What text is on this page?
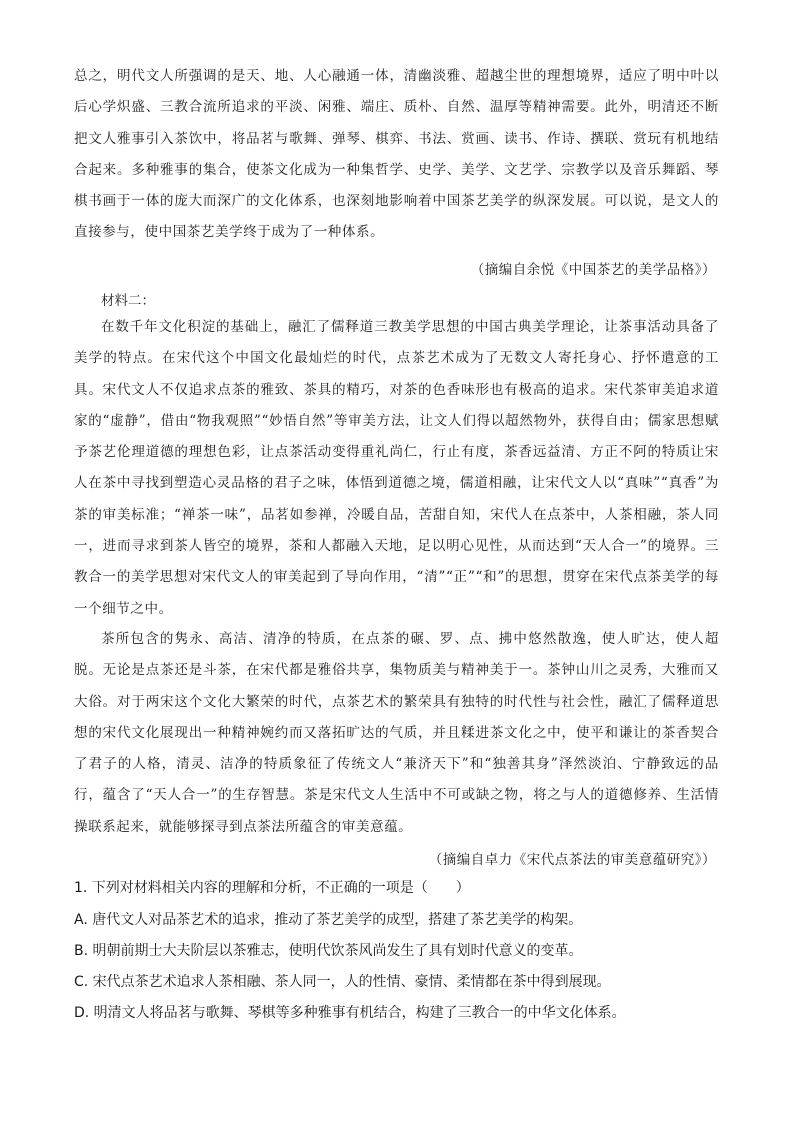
总之，明代文人所强调的是天、地、人心融通一体，清幽淡雅、超越尘世的理想境界，适应了明中叶以后心学炽盛、三教合流所追求的平淡、闲雅、端庄、质朴、自然、温厚等精神需要。此外，明清还不断把文人雅事引入茶饮中，将品茗与歌舞、弹琴、棋弈、书法、赏画、读书、作诗、撰联、赏玩有机地结合起来。多种雅事的集合，使茶文化成为一种集哲学、史学、美学、文艺学、宗教学以及音乐舞蹈、琴棋书画于一体的庞大而深广的文化体系，也深刻地影响着中国茶艺美学的纵深发展。可以说，是文人的直接参与，使中国茶艺美学终于成为了一种体系。

（摘编自余悦《中国茶艺的美学品格》）

材料二：

在数千年文化积淀的基础上，融汇了儒释道三教美学思想的中国古典美学理论，让茶事活动具备了美学的特点。在宋代这个中国文化最灿烂的时代，点茶艺术成为了无数文人寄托身心、抒怀遣意的工具。宋代文人不仅追求点茶的雅致、茶具的精巧，对茶的色香味形也有极高的追求。宋代茶审美追求道家的“虚静”，借由“物我观照”“妙悟自然”等审美方法，让文人们得以超然物外，获得自由；儒家思想赋予茶艺伦理道德的理想色彩，让点茶活动变得重礼尚仁，行止有度，茶香远益清、方正不阿的特质让宋人在茶中寻找到塑造心灵品格的君子之味，体悟到道德之境，儒道相融，让宋代文人以“真味”“真香”为茶的审美标准；“禅茶一味”，品茗如参禅，冷暖自品，苦甜自知，宋代人在点茶中，人茶相融，茶人同一，进而寻求到茶人皆空的境界，茶和人都融入天地，足以明心见性，从而达到“天人合一”的境界。三教合一的美学思想对宋代文人的审美起到了导向作用，“清”“正”“和”的思想，贯穿在宋代点茶美学的每一个细节之中。

茶所包含的隽永、高洁、清净的特质，在点茶的碾、罗、点、拂中悠然散逸，使人旷达，使人超脱。无论是点茶还是斗茶，在宋代都是雅俗共享，集物质美与精神美于一。茶钟山川之灵秀，大雅而又大俗。对于两宋这个文化大繁荣的时代，点茶艺术的繁荣具有独特的时代性与社会性，融汇了儒释道思想的宋代文化展现出一种精神婉约而又落拓旷达的气质，并且糅进茶文化之中，使平和谦让的茶香契合了君子的人格，清灵、洁净的特质象征了传统文人“兼济天下”和“独善其身”泽然淡泊、宁静致远的品行，蕴含了“天人合一”的生存智慧。茶是宋代文人生活中不可或缺之物，将之与人的道德修养、生活情操联系起来，就能够探寻到点茶法所蕴含的审美意蕴。

（摘编自卓力《宋代点茶法的审美意蕴研究》）

1. 下列对材料相关内容的理解和分析，不正确的一项是（　　）

A. 唐代文人对品茶艺术的追求，推动了茶艺美学的成型，搭建了茶艺美学的构架。

B. 明朝前期士大夫阶层以茶雅志，使明代饮茶风尚发生了具有划时代意义的变革。

C. 宋代点茶艺术追求人茶相融、茶人同一，人的性情、豪情、柔情都在茶中得到展现。

D. 明清文人将品茗与歌舞、琴棋等多种雅事有机结合，构建了三教合一的中华文化体系。
